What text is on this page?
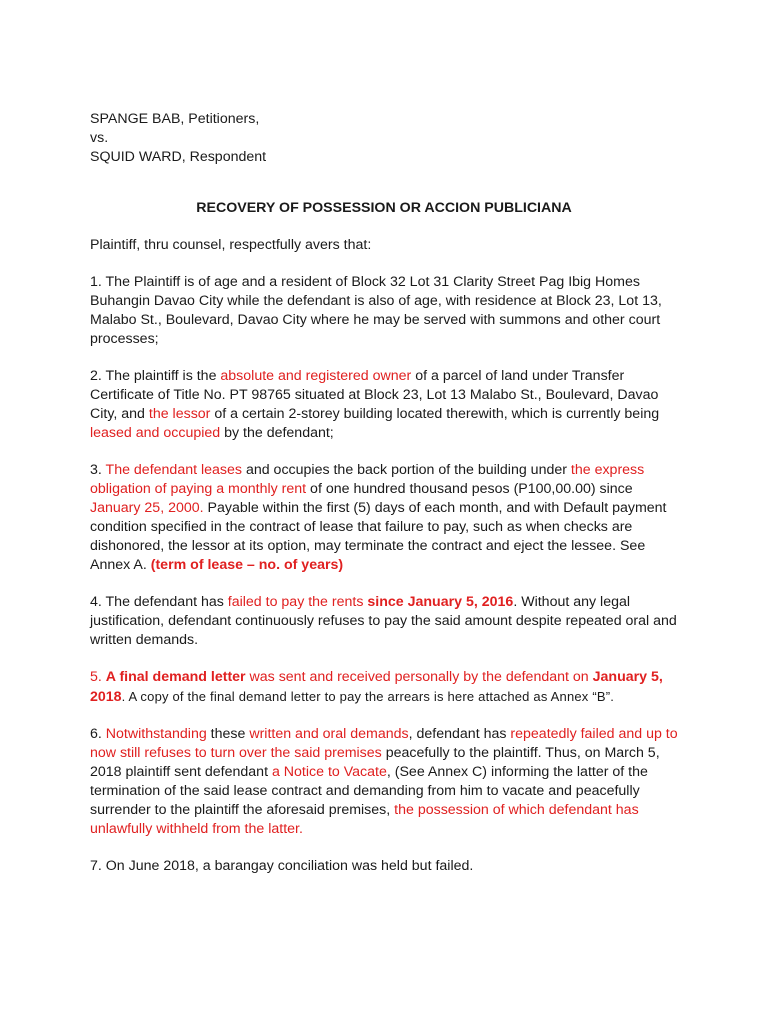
SPANGE BAB, Petitioners,

vs.

SQUID WARD, Respondent

RECOVERY OF POSSESSION OR ACCION PUBLICIANA

Plaintiff, thru counsel, respectfully avers that:

1. The Plaintiff is of age and a resident of Block 32 Lot 31 Clarity Street Pag Ibig Homes Buhangin Davao City while the defendant is also of age, with residence at Block 23, Lot 13, Malabo St., Boulevard, Davao City where he may be served with summons and other court processes;

2. The plaintiff is the absolute and registered owner of a parcel of land under Transfer Certificate of Title No. PT 98765 situated at Block 23, Lot 13 Malabo St., Boulevard, Davao City, and the lessor of a certain 2-storey building located therewith, which is currently being leased and occupied by the defendant;

3. The defendant leases and occupies the back portion of the building under the express obligation of paying a monthly rent of one hundred thousand pesos (P100,00.00) since January 25, 2000. Payable within the first (5) days of each month, and with Default payment condition specified in the contract of lease that failure to pay, such as when checks are dishonored, the lessor at its option, may terminate the contract and eject the lessee. See Annex A. (term of lease – no. of years)

4. The defendant has failed to pay the rents since January 5, 2016. Without any legal justification, defendant continuously refuses to pay the said amount despite repeated oral and written demands.

5. A final demand letter was sent and received personally by the defendant on January 5, 2018. A copy of the final demand letter to pay the arrears is here attached as Annex “B”.

6. Notwithstanding these written and oral demands, defendant has repeatedly failed and up to now still refuses to turn over the said premises peacefully to the plaintiff. Thus, on March 5, 2018 plaintiff sent defendant a Notice to Vacate, (See Annex C) informing the latter of the termination of the said lease contract and demanding from him to vacate and peacefully surrender to the plaintiff the aforesaid premises, the possession of which defendant has unlawfully withheld from the latter.

7. On June 2018, a barangay conciliation was held but failed.
